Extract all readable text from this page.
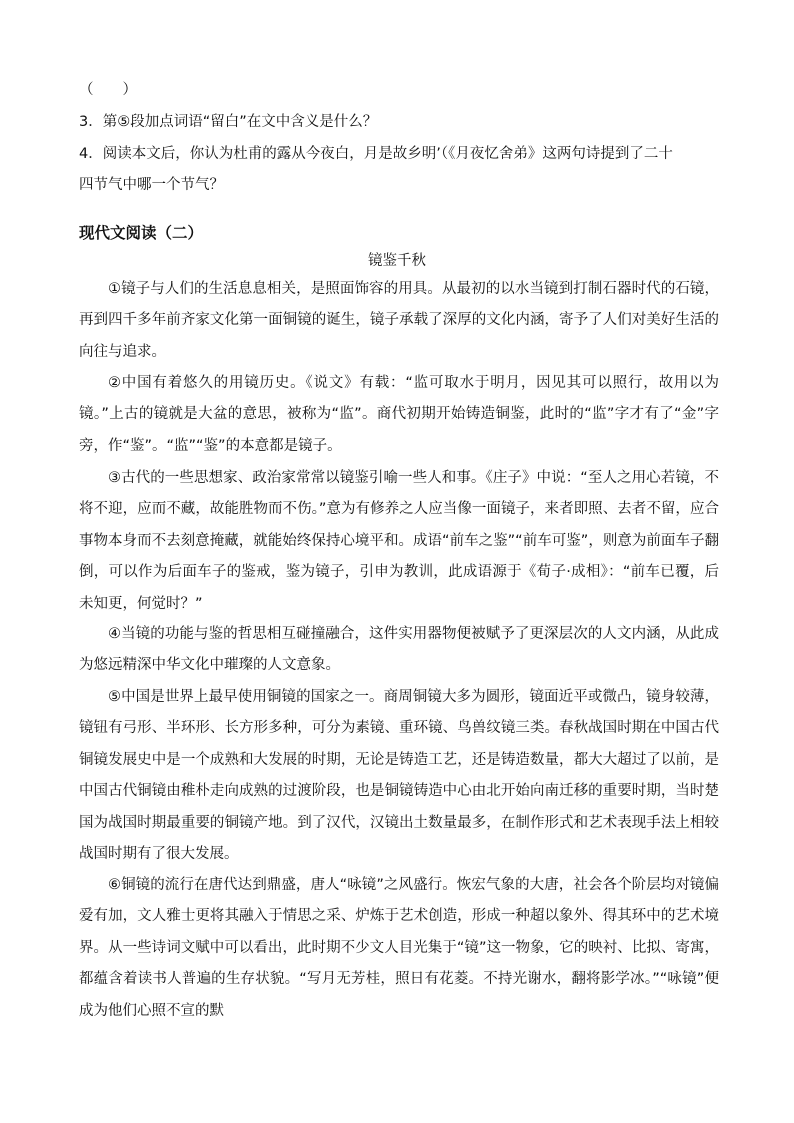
（　　）
3．第⑤段加点词语“留白”在文中含义是什么？
4．阅读本文后，你认为杜甫的露从今夜白，月是故乡明’（《月夜忆舍弟》这两句诗提到了二十
四节气中哪一个节气？
现代文阅读（二）
镜鉴千秋
①镜子与人们的生活息息相关，是照面饰容的用具。从最初的以水当镜到打制石器时代的石镜，再到四千多年前齐家文化第一面铜镜的诞生，镜子承载了深厚的文化内涵，寄予了人们对美好生活的向往与追求。
②中国有着悠久的用镜历史。《说文》有载：“监可取水于明月，因见其可以照行，故用以为镜。”上古的镜就是大盆的意思，被称为“监”。商代初期开始铸造铜鉴，此时的“监”字才有了“金”字旁，作“鉴”。“监”“鉴”的本意都是镜子。
③古代的一些思想家、政治家常常以镜鉴引喻一些人和事。《庄子》中说：“至人之用心若镜，不将不迎，应而不藏，故能胜物而不伤。”意为有修养之人应当像一面镜子，来者即照、去者不留，应合事物本身而不去刻意掩藏，就能始终保持心境平和。成语“前车之鉴”“前车可鉴”，则意为前面车子翻倒，可以作为后面车子的鉴戒，鉴为镜子，引申为教训，此成语源于《荀子·成相》：“前车已覆，后未知更，何觉时？”
④当镜的功能与鉴的哲思相互碰撞融合，这件实用器物便被赋予了更深层次的人文内涵，从此成为悠远精深中华文化中璀璨的人文意象。
⑤中国是世界上最早使用铜镜的国家之一。商周铜镜大多为圆形，镜面近平或微凸，镜身较薄，镜钮有弓形、半环形、长方形多种，可分为素镜、重环镜、鸟兽纹镜三类。春秋战国时期在中国古代铜镜发展史中是一个成熟和大发展的时期，无论是铸造工艺，还是铸造数量，都大大超过了以前，是中国古代铜镜由稚朴走向成熟的过渡阶段，也是铜镜铸造中心由北开始向南迁移的重要时期，当时楚国为战国时期最重要的铜镜产地。到了汉代，汉镜出土数量最多，在制作形式和艺术表现手法上相较战国时期有了很大发展。
⑥铜镜的流行在唐代达到鼎盛，唐人“咏镜”之风盛行。恢宏气象的大唐，社会各个阶层均对镜偏爱有加，文人雅士更将其融入于情思之采、炉炼于艺术创造，形成一种超以象外、得其环中的艺术境界。从一些诗词文赋中可以看出，此时期不少文人目光集于“镜”这一物象，它的映衬、比拟、寄寓，都蕴含着读书人普遍的生存状貌。“写月无芳桂，照日有花菱。不持光谢水，翻将影学冰。”“咏镜”便成为他们心照不宣的默
